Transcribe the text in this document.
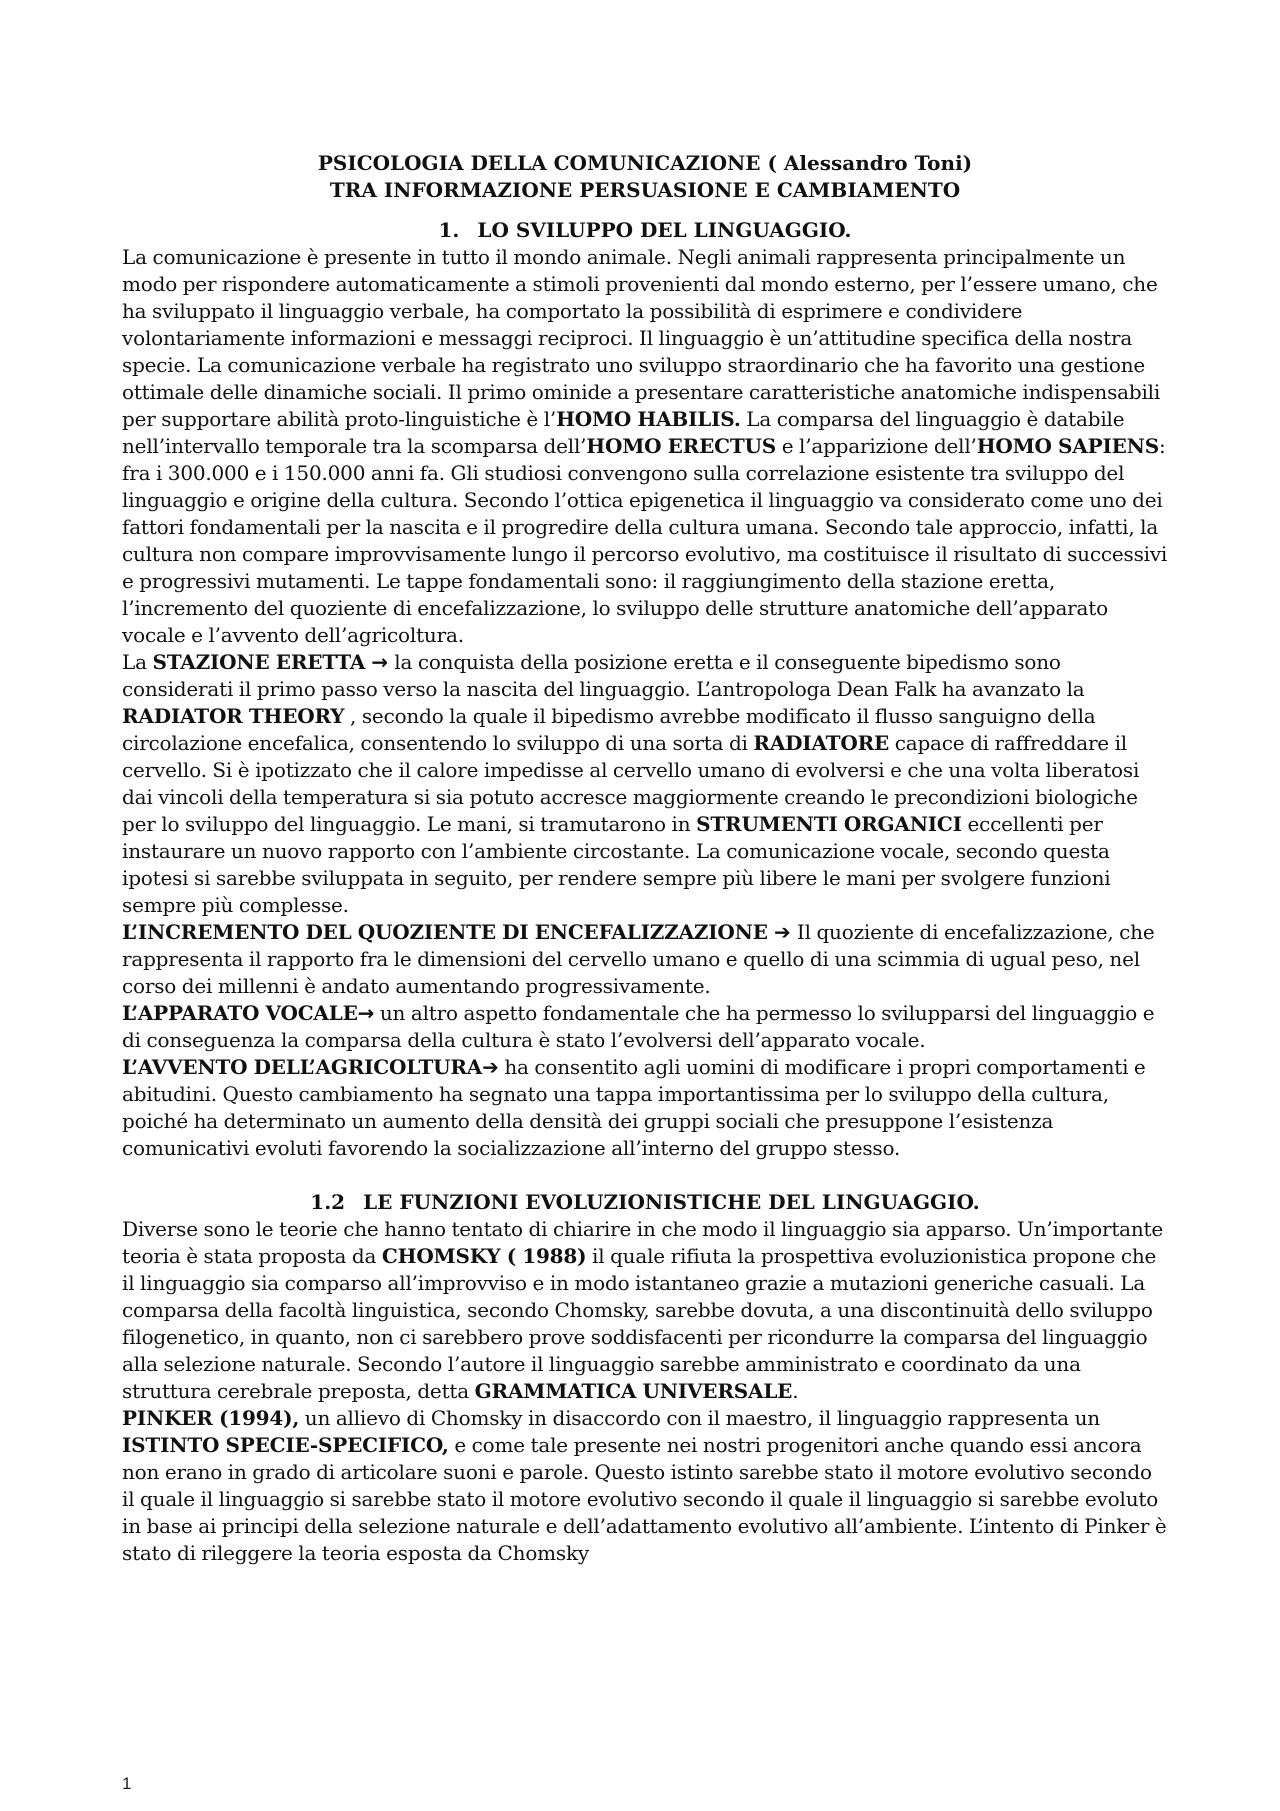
PSICOLOGIA DELLA COMUNICAZIONE ( Alessandro Toni)
TRA INFORMAZIONE PERSUASIONE E CAMBIAMENTO
1. LO SVILUPPO DEL LINGUAGGIO.

La comunicazione è presente in tutto il mondo animale. Negli animali rappresenta principalmente un modo per rispondere automaticamente a stimoli provenienti dal mondo esterno, per l’essere umano, che ha sviluppato il linguaggio verbale, ha comportato la possibilità di esprimere e condividere volontariamente informazioni e messaggi reciproci. Il linguaggio è un’attitudine specifica della nostra specie. La comunicazione verbale ha registrato uno sviluppo straordinario che ha favorito una gestione ottimale delle dinamiche sociali. Il primo ominide a presentare caratteristiche anatomiche indispensabili per supportare abilità proto-linguistiche è l’HOMO HABILIS. La comparsa del linguaggio è databile nell’intervallo temporale tra la scomparsa dell’HOMO ERECTUS e l’apparizione dell’HOMO SAPIENS: fra i 300.000 e i 150.000 anni fa. Gli studiosi convengono sulla correlazione esistente tra sviluppo del linguaggio e origine della cultura. Secondo l’ottica epigenetica il linguaggio va considerato come uno dei fattori fondamentali per la nascita e il progredire della cultura umana. Secondo tale approccio, infatti, la cultura non compare improvvisamente lungo il percorso evolutivo, ma costituisce il risultato di successivi e progressivi mutamenti. Le tappe fondamentali sono: il raggiungimento della stazione eretta, l’incremento del quoziente di encefalizzazione, lo sviluppo delle strutture anatomiche dell’apparato vocale e l’avvento dell’agricoltura.

La STAZIONE ERETTA → la conquista della posizione eretta e il conseguente bipedismo sono considerati il primo passo verso la nascita del linguaggio. L’antropologa Dean Falk ha avanzato la RADIATOR THEORY , secondo la quale il bipedismo avrebbe modificato il flusso sanguigno della circolazione encefalica, consentendo lo sviluppo di una sorta di RADIATORE capace di raffreddare il cervello. Si è ipotizzato che il calore impedisse al cervello umano di evolversi e che una volta liberatosi dai vincoli della temperatura si sia potuto accresce maggiormente creando le precondizioni biologiche per lo sviluppo del linguaggio. Le mani, si tramutarono in STRUMENTI ORGANICI eccellenti per instaurare un nuovo rapporto con l’ambiente circostante. La comunicazione vocale, secondo questa ipotesi si sarebbe sviluppata in seguito, per rendere sempre più libere le mani per svolgere funzioni sempre più complesse.

L’INCREMENTO DEL QUOZIENTE DI ENCEFALIZZAZIONE ➔ Il quoziente di encefalizzazione, che rappresenta il rapporto fra le dimensioni del cervello umano e quello di una scimmia di ugual peso, nel corso dei millenni è andato aumentando progressivamente.

L’APPARATO VOCALE→ un altro aspetto fondamentale che ha permesso lo svilupparsi del linguaggio e di conseguenza la comparsa della cultura è stato l’evolversi dell’apparato vocale.

L’AVVENTO DELL’AGRICOLTURA➔ ha consentito agli uomini di modificare i propri comportamenti e abitudini. Questo cambiamento ha segnato una tappa importantissima per lo sviluppo della cultura, poiché ha determinato un aumento della densità dei gruppi sociali che presuppone l’esistenza comunicativi evoluti favorendo la socializzazione all’interno del gruppo stesso.

1.2 LE FUNZIONI EVOLUZIONISTICHE DEL LINGUAGGIO.

Diverse sono le teorie che hanno tentato di chiarire in che modo il linguaggio sia apparso. Un’importante teoria è stata proposta da CHOMSKY ( 1988) il quale rifiuta la prospettiva evoluzionistica propone che il linguaggio sia comparso all’improvviso e in modo istantaneo grazie a mutazioni generiche casuali. La comparsa della facoltà linguistica, secondo Chomsky, sarebbe dovuta, a una discontinuità dello sviluppo filogenetico, in quanto, non ci sarebbero prove soddisfacenti per ricondurre la comparsa del linguaggio alla selezione naturale. Secondo l’autore il linguaggio sarebbe amministrato e coordinato da una struttura cerebrale preposta, detta GRAMMATICA UNIVERSALE.

PINKER (1994), un allievo di Chomsky in disaccordo con il maestro, il linguaggio rappresenta un ISTINTO SPECIE-SPECIFICO, e come tale presente nei nostri progenitori anche quando essi ancora non erano in grado di articolare suoni e parole. Questo istinto sarebbe stato il motore evolutivo secondo il quale il linguaggio si sarebbe stato il motore evolutivo secondo il quale il linguaggio si sarebbe evoluto in base ai principi della selezione naturale e dell’adattamento evolutivo all’ambiente. L’intento di Pinker è stato di rileggere la teoria esposta da Chomsky

1
